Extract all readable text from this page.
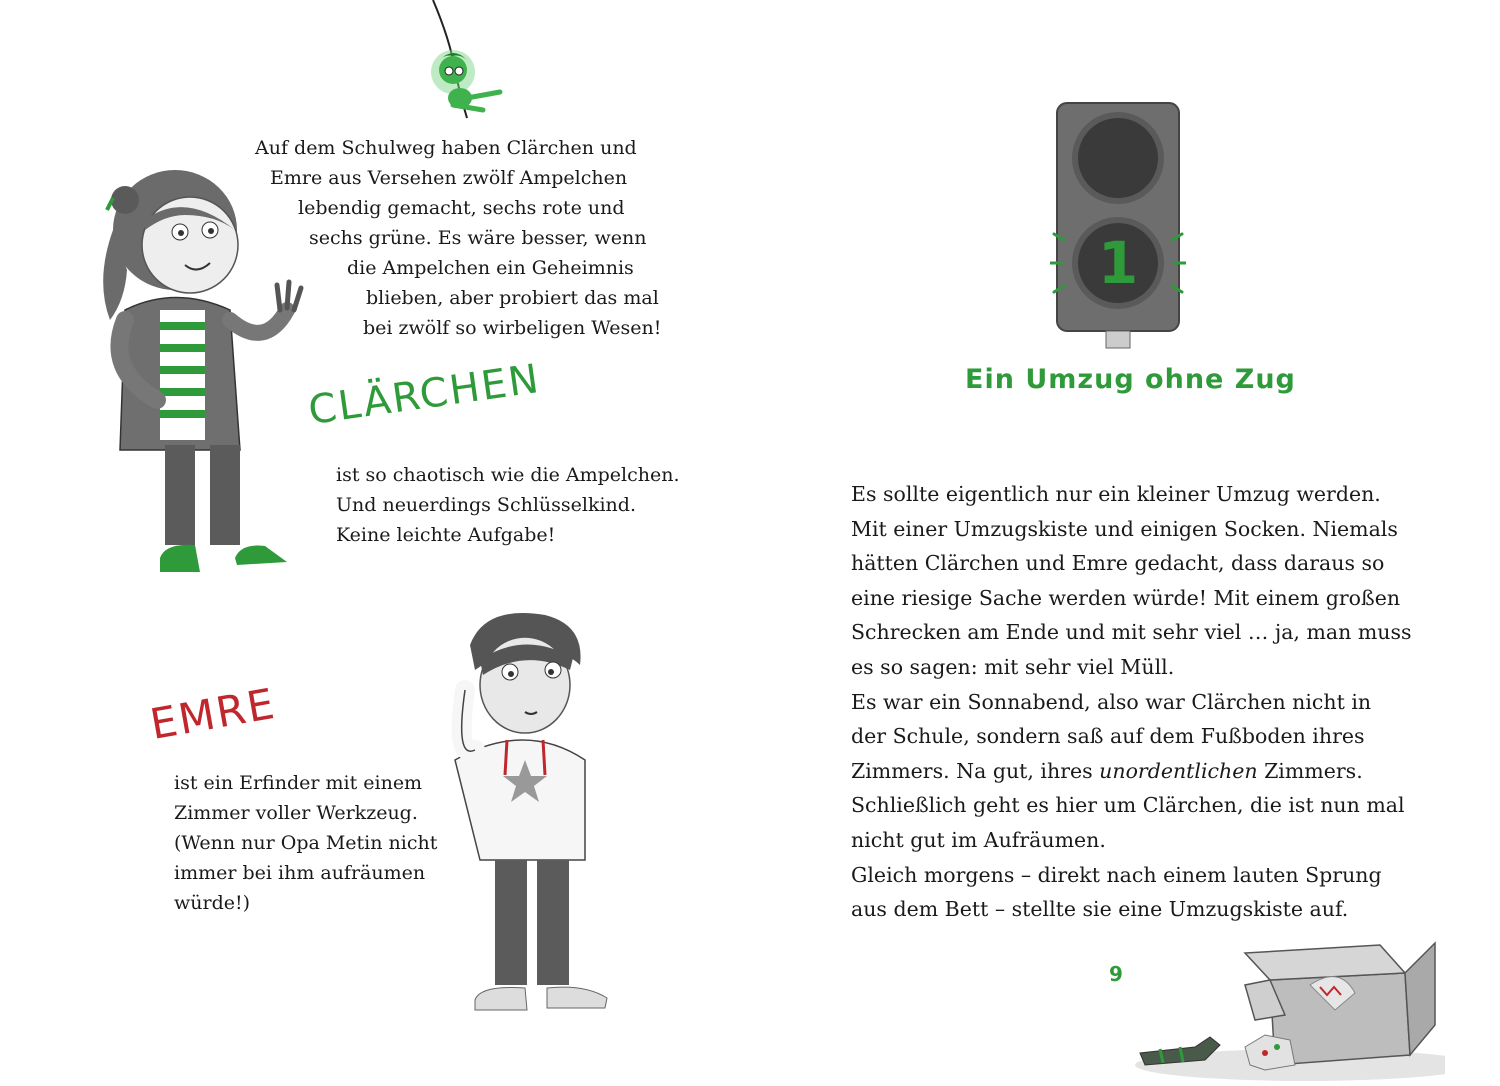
Auf dem Schulweg haben Clärchen und
Emre aus Versehen zwölf Ampelchen
lebendig gemacht, sechs rote und
sechs grüne. Es wäre besser, wenn
die Ampelchen ein Geheimnis
blieben, aber probiert das mal
bei zwölf so wirbeligen Wesen!
CLÄRCHEN
ist so chaotisch wie die Ampelchen.
Und neuerdings Schlüsselkind.
Keine leichte Aufgabe!
EMRE
ist ein Erfinder mit einem
Zimmer voller Werkzeug.
(Wenn nur Opa Metin nicht
immer bei ihm aufräumen
würde!)
1
Ein Umzug ohne Zug
Es sollte eigentlich nur ein kleiner Umzug werden.
Mit einer Umzugskiste und einigen Socken. Niemals
hätten Clärchen und Emre gedacht, dass daraus so
eine riesige Sache werden würde! Mit einem großen
Schrecken am Ende und mit sehr viel … ja, man muss
es so sagen: mit sehr viel Müll.
Es war ein Sonnabend, also war Clärchen nicht in
der Schule, sondern saß auf dem Fußboden ihres
Zimmers. Na gut, ihres unordentlichen Zimmers.
Schließlich geht es hier um Clärchen, die ist nun mal
nicht gut im Aufräumen.
Gleich morgens – direkt nach einem lauten Sprung
aus dem Bett – stellte sie eine Umzugskiste auf.
9
